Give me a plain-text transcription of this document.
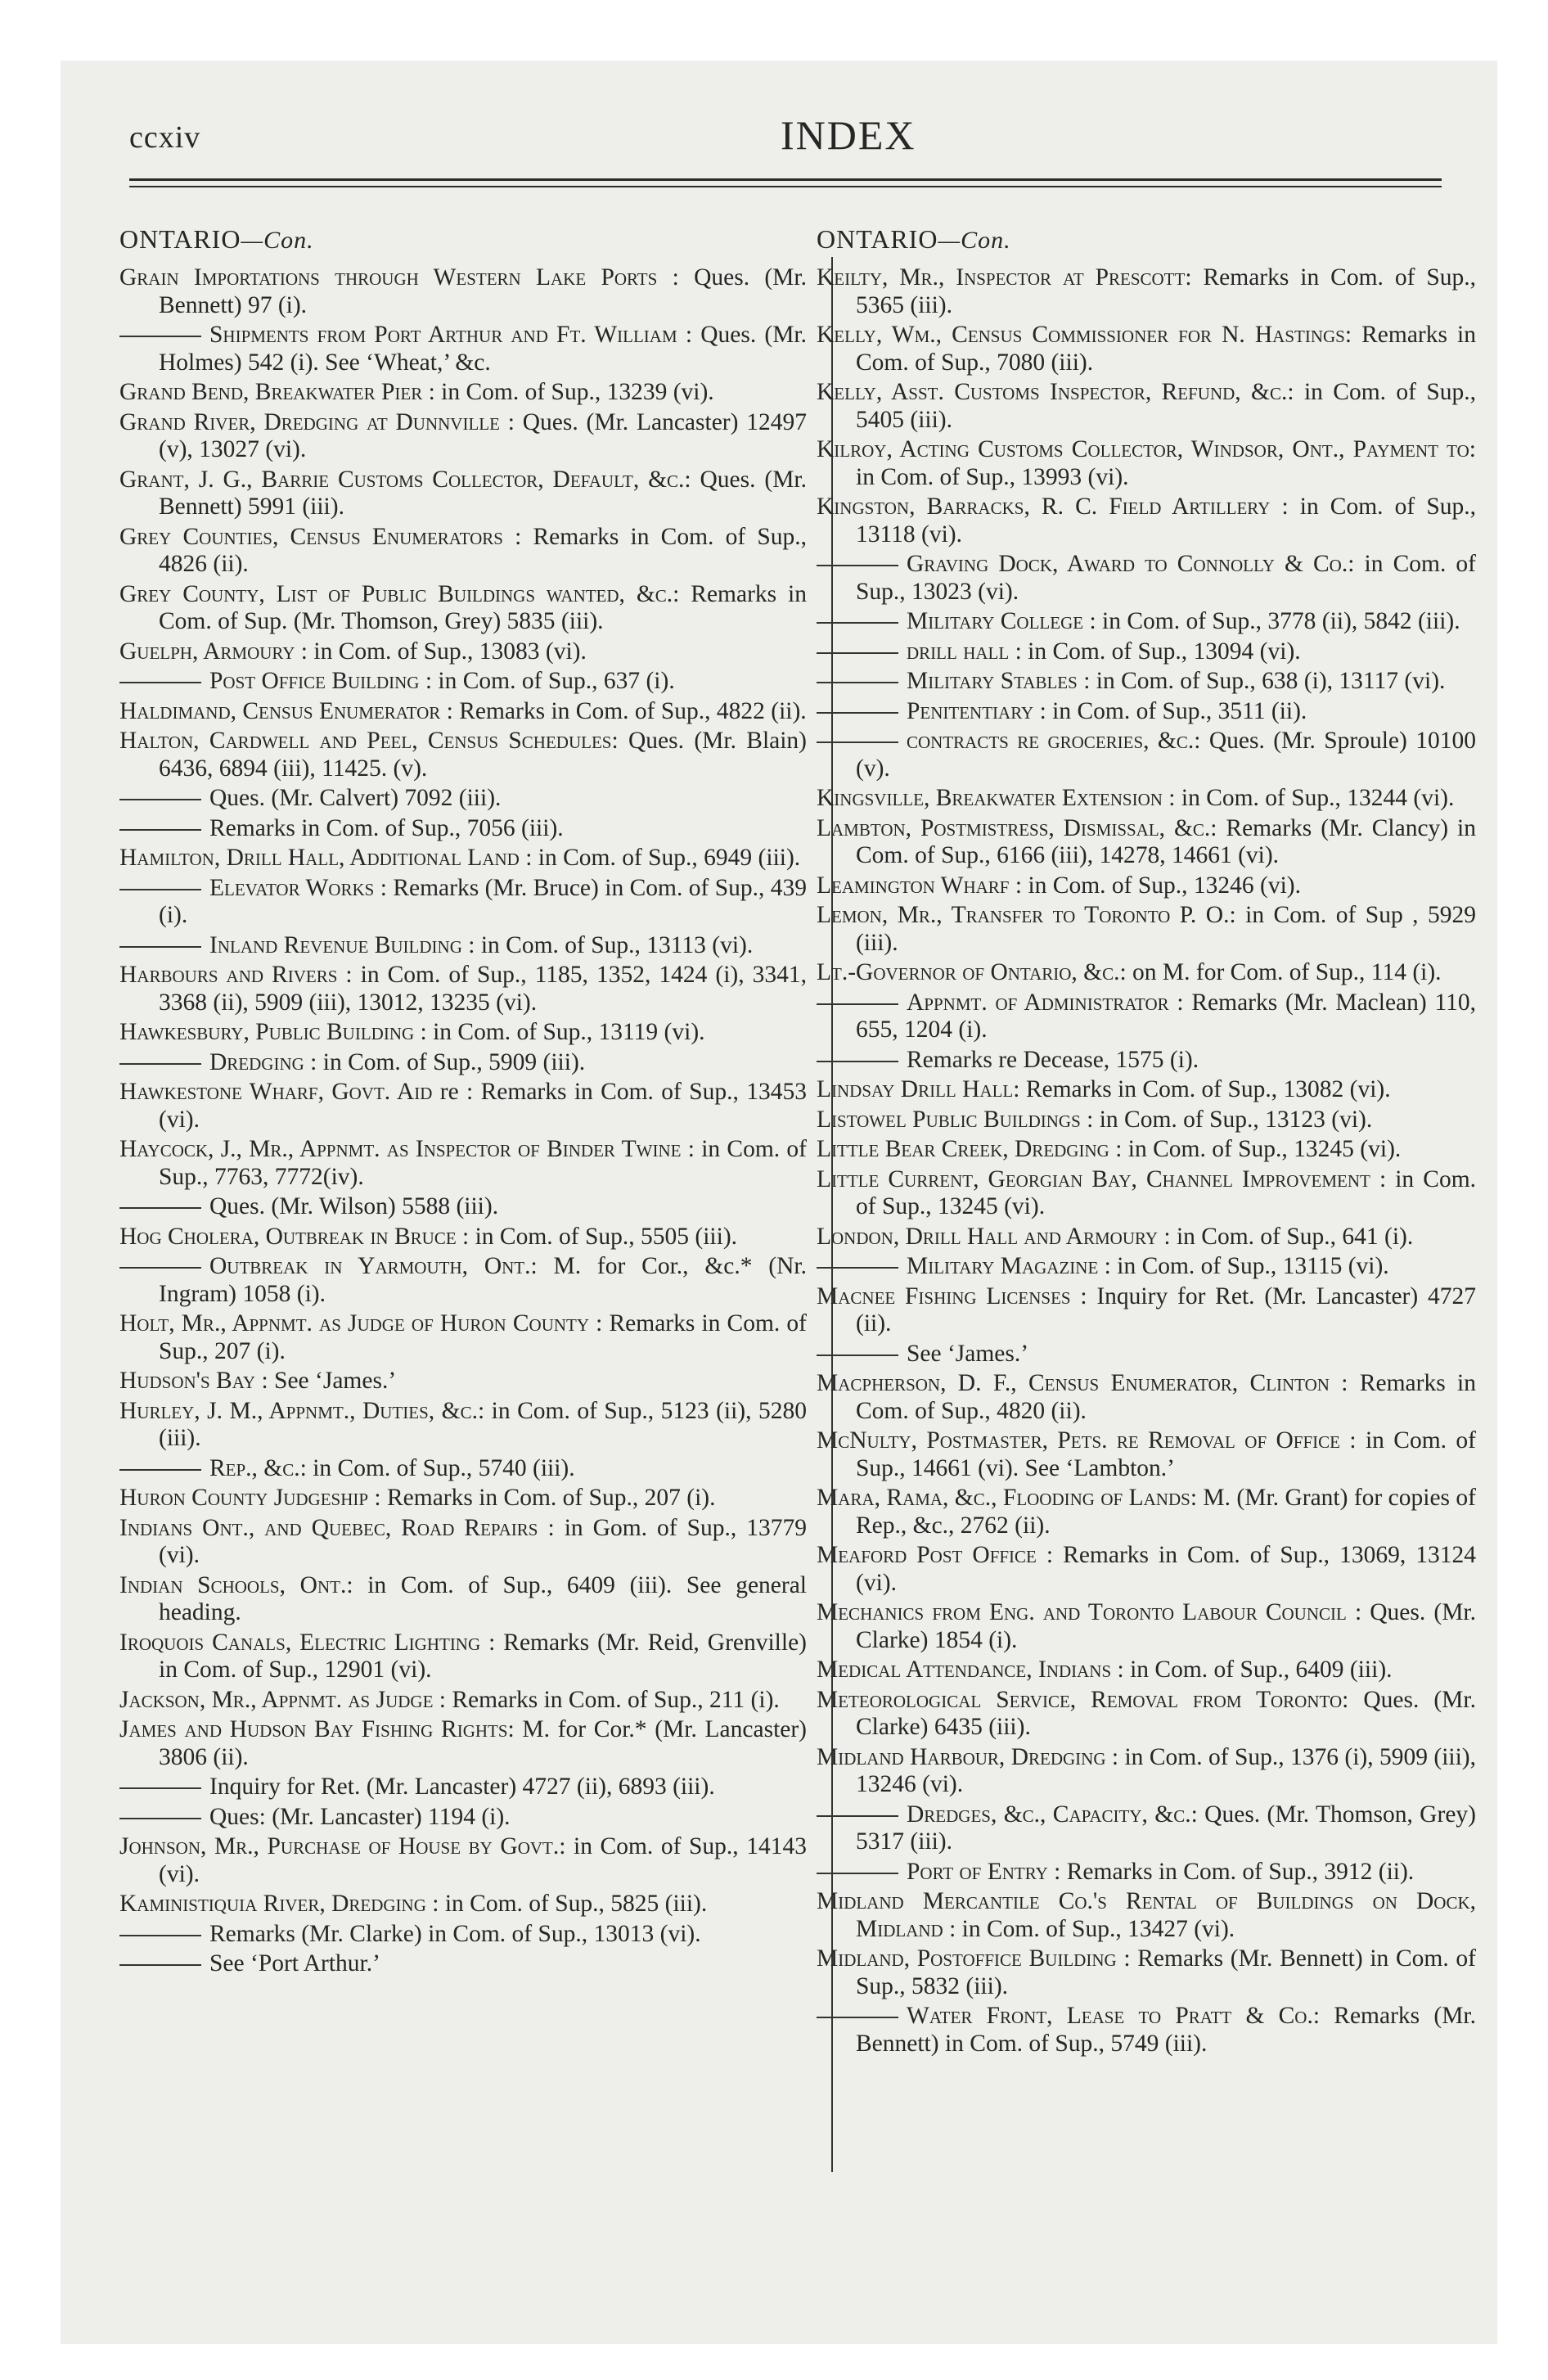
ccxiv	INDEX
ONTARIO—Con.
Grain Importations through Western Lake Ports : Ques. (Mr. Bennett) 97 (i).
Shipments from Port Arthur and Ft. William : Ques. (Mr. Holmes) 542 (i). See ‘Wheat,’ &c.
Grand Bend, Breakwater Pier : in Com. of Sup., 13239 (vi).
Grand River, Dredging at Dunnville : Ques. (Mr. Lancaster) 12497 (v), 13027 (vi).
Grant, J. G., Barrie Customs Collector, Default, &c.: Ques. (Mr. Bennett) 5991 (iii).
Grey Counties, Census Enumerators : Remarks in Com. of Sup., 4826 (ii).
Grey County, List of Public Buildings wanted, &c.: Remarks in Com. of Sup. (Mr. Thomson, Grey) 5835 (iii).
Guelph, Armoury : in Com. of Sup., 13083 (vi).
Post Office Building : in Com. of Sup., 637 (i).
Haldimand, Census Enumerator : Remarks in Com. of Sup., 4822 (ii).
Halton, Cardwell and Peel, Census Schedules: Ques. (Mr. Blain) 6436, 6894 (iii), 11425. (v).
Ques. (Mr. Calvert) 7092 (iii).
Remarks in Com. of Sup., 7056 (iii).
Hamilton, Drill Hall, Additional Land : in Com. of Sup., 6949 (iii).
Elevator Works : Remarks (Mr. Bruce) in Com. of Sup., 439 (i).
Inland Revenue Building : in Com. of Sup., 13113 (vi).
Harbours and Rivers : in Com. of Sup., 1185, 1352, 1424 (i), 3341, 3368 (ii), 5909 (iii), 13012, 13235 (vi).
Hawkesbury, Public Building : in Com. of Sup., 13119 (vi).
Dredging : in Com. of Sup., 5909 (iii).
Hawkestone Wharf, Govt. Aid re : Remarks in Com. of Sup., 13453 (vi).
Haycock, J., Mr., Appnmt. as Inspector of Binder Twine : in Com. of Sup., 7763, 7772(iv).
Ques. (Mr. Wilson) 5588 (iii).
Hog Cholera, Outbreak in Bruce : in Com. of Sup., 5505 (iii).
Outbreak in Yarmouth, Ont.: M. for Cor., &c.* (Nr. Ingram) 1058 (i).
Holt, Mr., Appnmt. as Judge of Huron County : Remarks in Com. of Sup., 207 (i).
Hudson's Bay : See ‘James.’
Hurley, J. M., Appnmt., Duties, &c.: in Com. of Sup., 5123 (ii), 5280 (iii).
Rep., &c.: in Com. of Sup., 5740 (iii).
Huron County Judgeship : Remarks in Com. of Sup., 207 (i).
Indians Ont., and Quebec, Road Repairs : in Gom. of Sup., 13779 (vi).
Indian Schools, Ont.: in Com. of Sup., 6409 (iii). See general heading.
Iroquois Canals, Electric Lighting : Remarks (Mr. Reid, Grenville) in Com. of Sup., 12901 (vi).
Jackson, Mr., Appnmt. as Judge : Remarks in Com. of Sup., 211 (i).
James and Hudson Bay Fishing Rights: M. for Cor.* (Mr. Lancaster) 3806 (ii).
Inquiry for Ret. (Mr. Lancaster) 4727 (ii), 6893 (iii).
Ques: (Mr. Lancaster) 1194 (i).
Johnson, Mr., Purchase of House by Govt.: in Com. of Sup., 14143 (vi).
Kaministiquia River, Dredging : in Com. of Sup., 5825 (iii).
Remarks (Mr. Clarke) in Com. of Sup., 13013 (vi).
See ‘Port Arthur.’
ONTARIO—Con.
Keilty, Mr., Inspector at Prescott: Remarks in Com. of Sup., 5365 (iii).
Kelly, Wm., Census Commissioner for N. Hastings: Remarks in Com. of Sup., 7080 (iii).
Kelly, Asst. Customs Inspector, Refund, &c.: in Com. of Sup., 5405 (iii).
Kilroy, Acting Customs Collector, Windsor, Ont., Payment to: in Com. of Sup., 13993 (vi).
Kingston, Barracks, R. C. Field Artillery : in Com. of Sup., 13118 (vi).
Graving Dock, Award to Connolly & Co.: in Com. of Sup., 13023 (vi).
Military College : in Com. of Sup., 3778 (ii), 5842 (iii).
drill hall : in Com. of Sup., 13094 (vi).
Military Stables : in Com. of Sup., 638 (i), 13117 (vi).
Penitentiary : in Com. of Sup., 3511 (ii).
contracts re groceries, &c.: Ques. (Mr. Sproule) 10100 (v).
Kingsville, Breakwater Extension : in Com. of Sup., 13244 (vi).
Lambton, Postmistress, Dismissal, &c.: Remarks (Mr. Clancy) in Com. of Sup., 6166 (iii), 14278, 14661 (vi).
Leamington Wharf : in Com. of Sup., 13246 (vi).
Lemon, Mr., Transfer to Toronto P. O.: in Com. of Sup , 5929 (iii).
Lt.-Governor of Ontario, &c.: on M. for Com. of Sup., 114 (i).
Appnmt. of Administrator : Remarks (Mr. Maclean) 110, 655, 1204 (i).
Remarks re Decease, 1575 (i).
Lindsay Drill Hall: Remarks in Com. of Sup., 13082 (vi).
Listowel Public Buildings : in Com. of Sup., 13123 (vi).
Little Bear Creek, Dredging : in Com. of Sup., 13245 (vi).
Little Current, Georgian Bay, Channel Improvement : in Com. of Sup., 13245 (vi).
London, Drill Hall and Armoury : in Com. of Sup., 641 (i).
Military Magazine : in Com. of Sup., 13115 (vi).
Macnee Fishing Licenses : Inquiry for Ret. (Mr. Lancaster) 4727 (ii).
See ‘James.’
Macpherson, D. F., Census Enumerator, Clinton : Remarks in Com. of Sup., 4820 (ii).
McNulty, Postmaster, Pets. re Removal of Office : in Com. of Sup., 14661 (vi). See ‘Lambton.’
Mara, Rama, &c., Flooding of Lands: M. (Mr. Grant) for copies of Rep., &c., 2762 (ii).
Meaford Post Office : Remarks in Com. of Sup., 13069, 13124 (vi).
Mechanics from Eng. and Toronto Labour Council : Ques. (Mr. Clarke) 1854 (i).
Medical Attendance, Indians : in Com. of Sup., 6409 (iii).
Meteorological Service, Removal from Toronto: Ques. (Mr. Clarke) 6435 (iii).
Midland Harbour, Dredging : in Com. of Sup., 1376 (i), 5909 (iii), 13246 (vi).
Dredges, &c., Capacity, &c.: Ques. (Mr. Thomson, Grey) 5317 (iii).
Port of Entry : Remarks in Com. of Sup., 3912 (ii).
Midland Mercantile Co.'s Rental of Buildings on Dock, Midland : in Com. of Sup., 13427 (vi).
Midland, Postoffice Building : Remarks (Mr. Bennett) in Com. of Sup., 5832 (iii).
Water Front, Lease to Pratt & Co.: Remarks (Mr. Bennett) in Com. of Sup., 5749 (iii).
